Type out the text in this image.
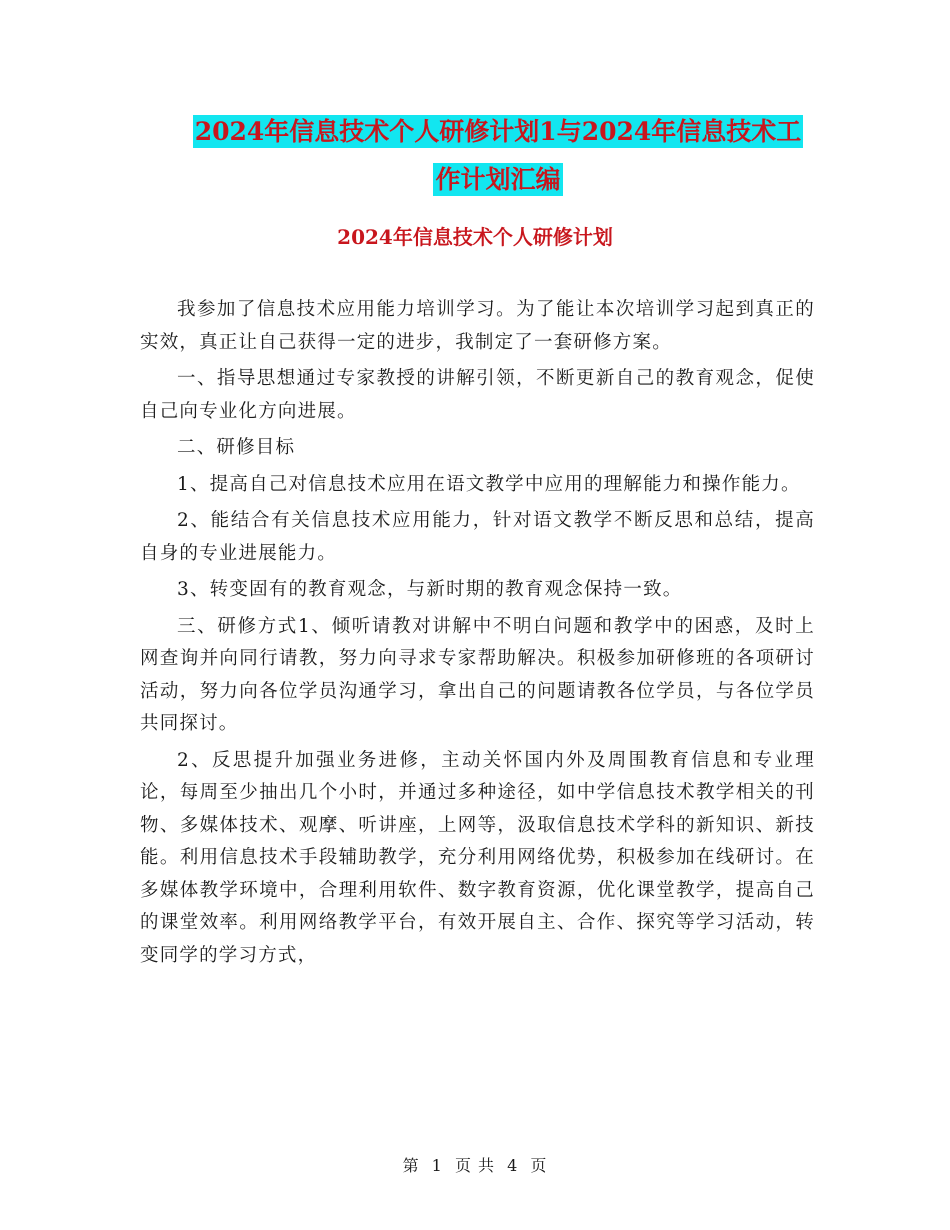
2024年信息技术个人研修计划1与2024年信息技术工
作计划汇编
2024年信息技术个人研修计划

我参加了信息技术应用能力培训学习。为了能让本次培训学习起到真正的实效，真正让自己获得一定的进步，我制定了一套研修方案。

一、指导思想通过专家教授的讲解引领，不断更新自己的教育观念，促使自己向专业化方向进展。

二、研修目标

1、提高自己对信息技术应用在语文教学中应用的理解能力和操作能力。

2、能结合有关信息技术应用能力，针对语文教学不断反思和总结，提高自身的专业进展能力。

3、转变固有的教育观念，与新时期的教育观念保持一致。

三、研修方式1、倾听请教对讲解中不明白问题和教学中的困惑，及时上网查询并向同行请教，努力向寻求专家帮助解决。积极参加研修班的各项研讨活动，努力向各位学员沟通学习，拿出自己的问题请教各位学员，与各位学员共同探讨。

2、反思提升加强业务进修，主动关怀国内外及周围教育信息和专业理论，每周至少抽出几个小时，并通过多种途径，如中学信息技术教学相关的刊物、多媒体技术、观摩、听讲座，上网等，汲取信息技术学科的新知识、新技能。利用信息技术手段辅助教学，充分利用网络优势，积极参加在线研讨。在多媒体教学环境中，合理利用软件、数字教育资源，优化课堂教学，提高自己的课堂效率。利用网络教学平台，有效开展自主、合作、探究等学习活动，转变同学的学习方式，

第 1 页 共 4 页
